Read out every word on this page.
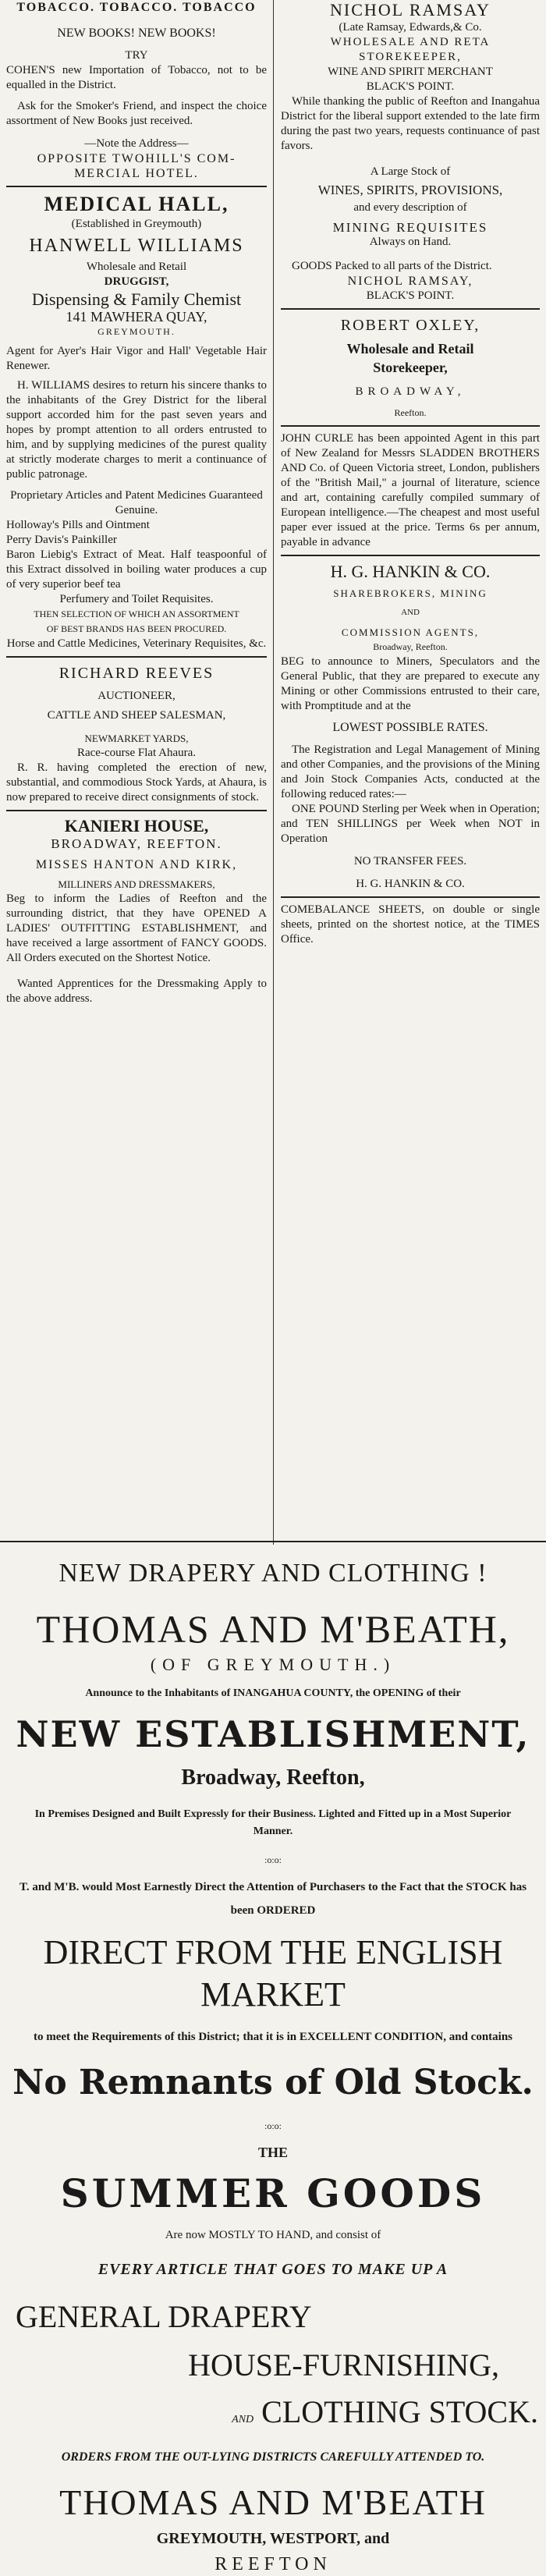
TOBACCO. TOBACCO. TOBACCO

NEW BOOKS! NEW BOOKS!

TRY

COHEN'S new Importation of Tobacco, not to be equalled in the District.

Ask for the Smoker's Friend, and inspect the choice assortment of New Books just received.

—Note the Address—

OPPOSITE TWOHILL'S COM-

MERCIAL HOTEL.

MEDICAL HALL,

(Established in Greymouth)

HANWELL WILLIAMS

Wholesale and Retail

DRUGGIST,

Dispensing & Family Chemist

141 MAWHERA QUAY,

GREYMOUTH.

Agent for Ayer's Hair Vigor and Hall' Vegetable Hair Renewer.

H. WILLIAMS desires to return his sincere thanks to the inhabitants of the Grey District for the liberal support accorded him for the past seven years and hopes by prompt attention to all orders entrusted to him, and by supplying medicines of the purest quality at strictly moderate charges to merit a continuance of public patronage.

Proprietary Articles and Patent Medicines Guaranteed Genuine.

Holloway's Pills and Ointment

Perry Davis's Painkiller

Baron Liebig's Extract of Meat. Half teaspoonful of this Extract dissolved in boiling water produces a cup of very superior beef tea

Perfumery and Toilet Requisites.

THEN SELECTION OF WHICH AN ASSORTMENT

OF BEST BRANDS HAS BEEN PROCURED.

Horse and Cattle Medicines, Veterinary Requisites, &c.

RICHARD REEVES

AUCTIONEER,

CATTLE AND SHEEP SALESMAN,

NEWMARKET YARDS,

Race-course Flat Ahaura.

R. R. having completed the erection of new, substantial, and commodious Stock Yards, at Ahaura, is now prepared to receive direct consignments of stock.

KANIERI HOUSE,

BROADWAY, REEFTON.

MISSES HANTON AND KIRK,

MILLINERS AND DRESSMAKERS,

Beg to inform the Ladies of Reefton and the surrounding district, that they have OPENED A LADIES' OUTFITTING ESTABLISHMENT, and have received a large assortment of FANCY GOODS. All Orders executed on the Shortest Notice.

Wanted Apprentices for the Dressmaking Apply to the above address.

NICHOL RAMSAY

(Late Ramsay, Edwards,& Co.

WHOLESALE AND RETA

STOREKEEPER,

WINE AND SPIRIT MERCHANT

BLACK'S POINT.

While thanking the public of Reefton and Inangahua District for the liberal support extended to the late firm during the past two years, requests continuance of past favors.

A Large Stock of

WINES, SPIRITS, PROVISIONS,

and every description of

MINING REQUISITES

Always on Hand.

GOODS Packed to all parts of the District.

NICHOL RAMSAY,

BLACK'S POINT.

ROBERT OXLEY,

Wholesale and Retail

Storekeeper,

BROADWAY,

Reefton.

JOHN CURLE has been appointed Agent in this part of New Zealand for Messrs SLADDEN BROTHERS AND Co. of Queen Victoria street, London, publishers of the "British Mail," a journal of literature, science and art, containing carefully compiled summary of European intelligence.—The cheapest and most useful paper ever issued at the price. Terms 6s per annum, payable in advance

H. G. HANKIN & CO.

SHAREBROKERS, MINING

AND

COMMISSION AGENTS,

Broadway, Reefton.

BEG to announce to Miners, Speculators and the General Public, that they are prepared to execute any Mining or other Commissions entrusted to their care, with Promptitude and at the

LOWEST POSSIBLE RATES.

The Registration and Legal Management of Mining and other Companies, and the provisions of the Mining and Join Stock Companies Acts, conducted at the following reduced rates:—

ONE POUND Sterling per Week when in Operation; and TEN SHILLINGS per Week when NOT in Operation

NO TRANSFER FEES.

H. G. HANKIN & CO.

COMEBALANCE SHEETS, on double or single sheets, printed on the shortest notice, at the TIMES Office.

NEW DRAPERY AND CLOTHING !

THOMAS AND M'BEATH,

(OF GREYMOUTH.)

Announce to the Inhabitants of INANGAHUA COUNTY, the OPENING of their

NEW ESTABLISHMENT,

Broadway, Reefton,

In Premises Designed and Built Expressly for their Business. Lighted and Fitted up in a Most Superior Manner.

:o:o:

T. and M'B. would Most Earnestly Direct the Attention of Purchasers to the Fact that the STOCK has been ORDERED

DIRECT FROM THE ENGLISH MARKET

to meet the Requirements of this District; that it is in EXCELLENT CONDITION, and contains

No Remnants of Old Stock.

:o:o:

THE

SUMMER GOODS

Are now MOSTLY TO HAND, and consist of

EVERY ARTICLE THAT GOES TO MAKE UP A

GENERAL DRAPERY

HOUSE-FURNISHING,

AND CLOTHING STOCK.

ORDERS FROM THE OUT-LYING DISTRICTS CAREFULLY ATTENDED TO.

THOMAS AND M'BEATH

GREYMOUTH, WESTPORT, and

REEFTON
